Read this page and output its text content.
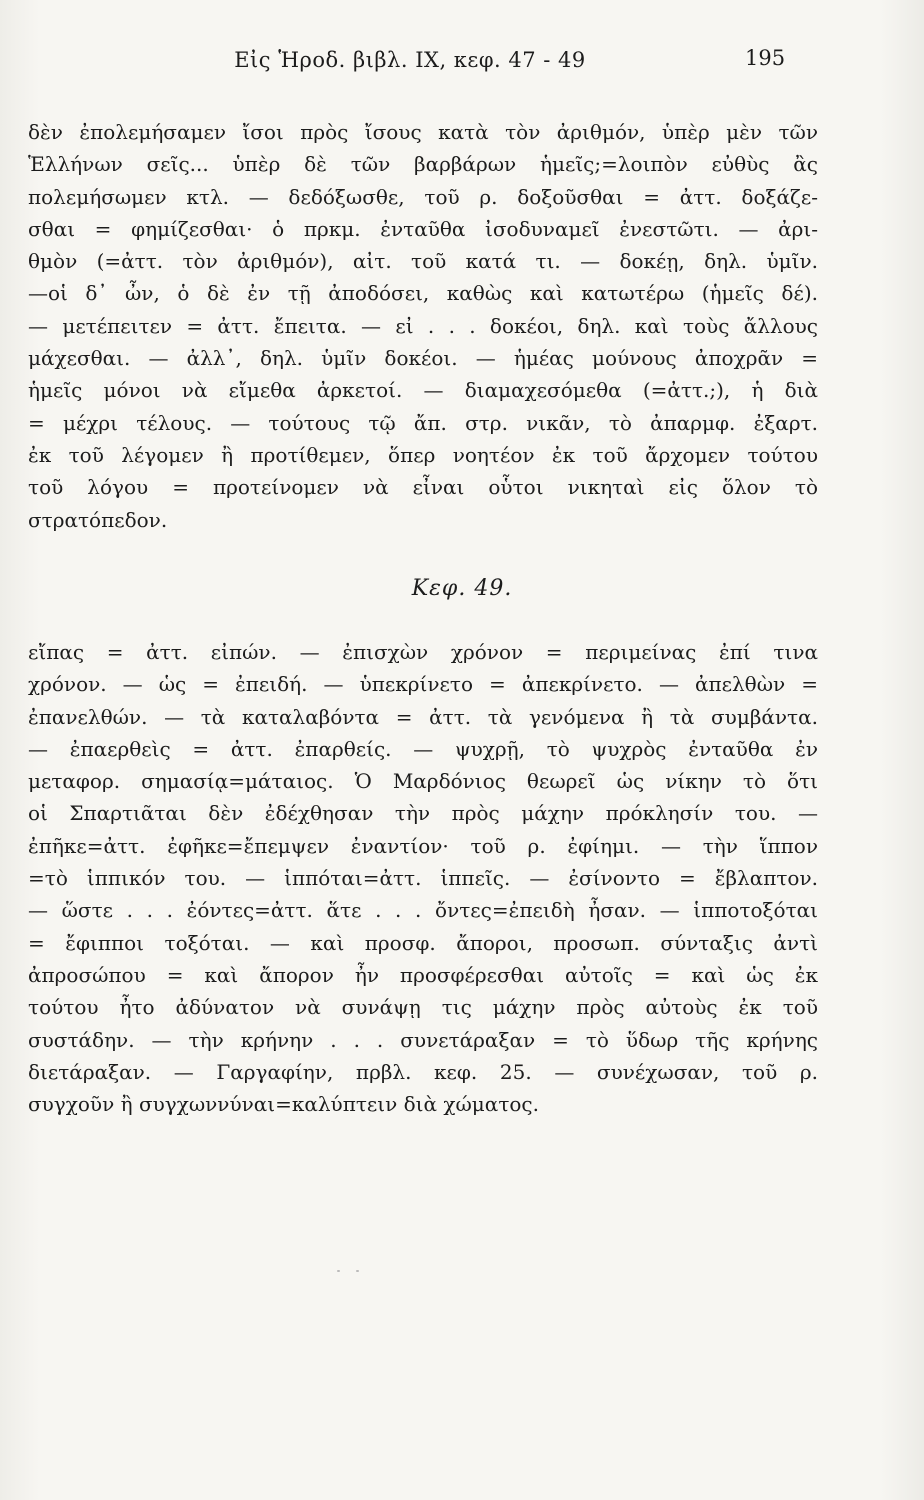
Εἰς Ἡροδ. βιβλ. IX, κεφ. 47 - 49	195
δὲν ἐπολεμήσαμεν ἴσοι πρὸς ἴσους κατὰ τὸν ἀριθμόν, ὑπὲρ μὲν τῶν
Ἑλλήνων σεῖς... ὑπὲρ δὲ τῶν βαρβάρων ἡμεῖς;=λοιπὸν εὐθὺς ἂς
πολεμήσωμεν κτλ. — δεδόξωσθε, τοῦ ρ. δοξοῦσθαι = ἀττ. δοξάζε-
σθαι = φημίζεσθαι· ὁ πρκμ. ἐνταῦθα ἰσοδυναμεῖ ἐνεστῶτι. — ἀρι-
θμὸν (=ἀττ. τὸν ἀριθμόν), αἰτ. τοῦ κατά τι. — δοκέῃ, δηλ. ὑμῖν.
—οἱ δ᾽ ὦν, ὁ δὲ ἐν τῇ ἀποδόσει, καθὼς καὶ κατωτέρω (ἡμεῖς δέ).
— μετέπειτεν = ἀττ. ἔπειτα. — εἰ . . . δοκέοι, δηλ. καὶ τοὺς ἄλλους
μάχεσθαι. — ἀλλ᾽, δηλ. ὑμῖν δοκέοι. — ἡμέας μούνους ἀποχρᾶν =
ἡμεῖς μόνοι νὰ εἴμεθα ἀρκετοί. — διαμαχεσόμεθα (=ἀττ.;), ἡ διὰ
= μέχρι τέλους. — τούτους τῷ ἄπ. στρ. νικᾶν, τὸ ἀπαρμφ. ἐξαρτ.
ἐκ τοῦ λέγομεν ἢ προτίθεμεν, ὅπερ νοητέον ἐκ τοῦ ἄρχομεν τούτου
τοῦ λόγου = προτείνομεν νὰ εἶναι οὗτοι νικηταὶ εἰς ὅλον τὸ
στρατόπεδον.
Κεφ. 49.
εἴπας = ἀττ. εἰπών. — ἐπισχὼν χρόνον = περιμείνας ἐπί τινα
χρόνον. — ὡς = ἐπειδή. — ὑπεκρίνετο = ἀπεκρίνετο. — ἀπελθὼν =
ἐπανελθών. — τὰ καταλαβόντα = ἀττ. τὰ γενόμενα ἢ τὰ συμβάντα.
— ἐπαερθεὶς = ἀττ. ἐπαρθείς. — ψυχρῇ, τὸ ψυχρὸς ἐνταῦθα ἐν
μεταφορ. σημασίᾳ=μάταιος. Ὁ Μαρδόνιος θεωρεῖ ὡς νίκην τὸ ὅτι
οἱ Σπαρτιᾶται δὲν ἐδέχθησαν τὴν πρὸς μάχην πρόκλησίν του. —
ἐπῆκε=ἀττ. ἐφῆκε=ἔπεμψεν ἐναντίον· τοῦ ρ. ἐφίημι. — τὴν ἵππον
=τὸ ἱππικόν του. — ἱππόται=ἀττ. ἱππεῖς. — ἐσίνοντο = ἔβλαπτον.
— ὥστε . . . ἐόντες=ἀττ. ἅτε . . . ὄντες=ἐπειδὴ ἦσαν. — ἱπποτοξόται
= ἔφιπποι τοξόται. — καὶ προσφ. ἄποροι, προσωπ. σύνταξις ἀντὶ
ἀπροσώπου = καὶ ἄπορον ἦν προσφέρεσθαι αὐτοῖς = καὶ ὡς ἐκ
τούτου ἦτο ἀδύνατον νὰ συνάψῃ τις μάχην πρὸς αὐτοὺς ἐκ τοῦ
συστάδην. — τὴν κρήνην . . . συνετάραξαν = τὸ ὕδωρ τῆς κρήνης
διετάραξαν. — Γαργαφίην, πρβλ. κεφ. 25. — συνέχωσαν, τοῦ ρ.
συγχοῦν ἢ συγχωννύναι=καλύπτειν διὰ χώματος.
